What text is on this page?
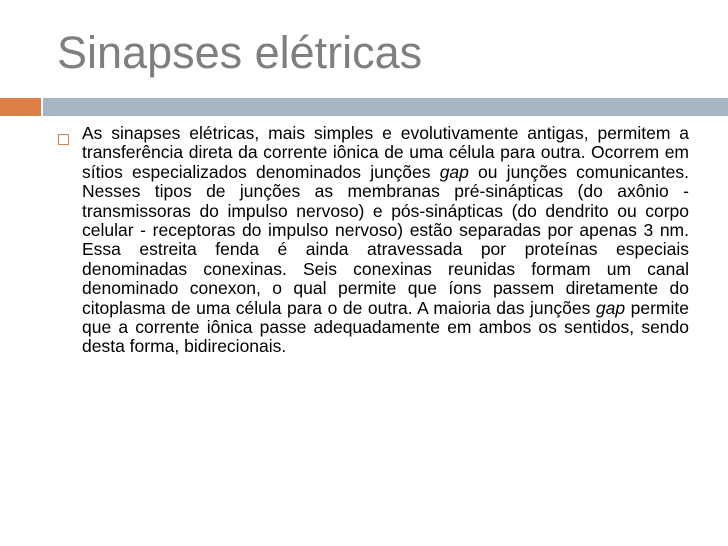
Sinapses elétricas

As sinapses elétricas, mais simples e evolutivamente antigas, permitem a transferência direta da corrente iônica de uma célula para outra. Ocorrem em sítios especializados denominados junções gap ou junções comunicantes. Nesses tipos de junções as membranas pré-sinápticas (do axônio - transmissoras do impulso nervoso) e pós-sinápticas (do dendrito ou corpo celular - receptoras do impulso nervoso) estão separadas por apenas 3 nm. Essa estreita fenda é ainda atravessada por proteínas especiais denominadas conexinas. Seis conexinas reunidas formam um canal denominado conexon, o qual permite que íons passem diretamente do citoplasma de uma célula para o de outra. A maioria das junções gap permite que a corrente iônica passe adequadamente em ambos os sentidos, sendo desta forma, bidirecionais.
